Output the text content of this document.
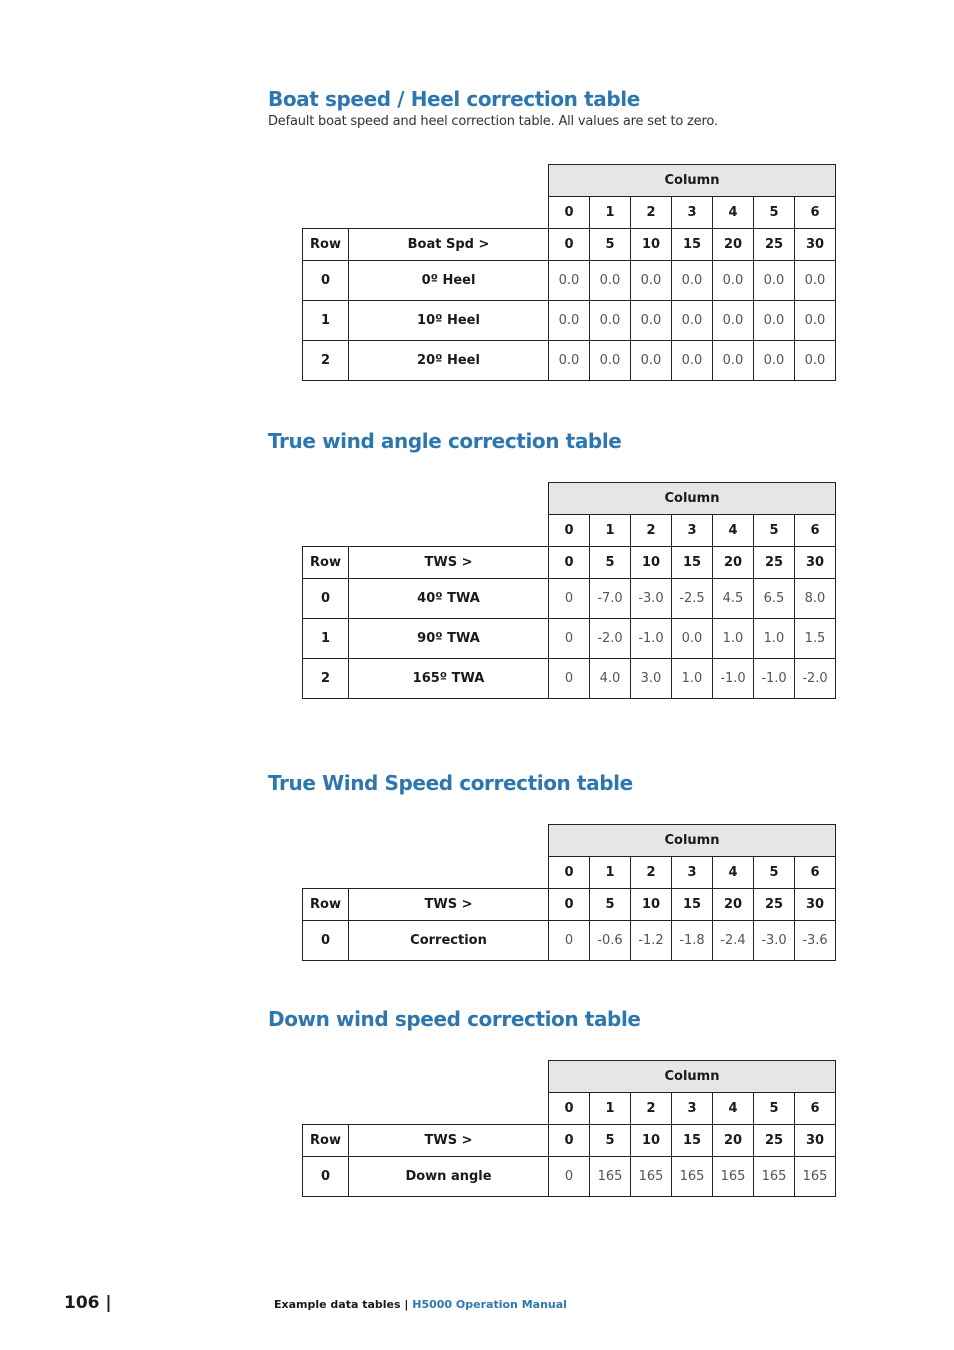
Boat speed / Heel correction table
Default boat speed and heel correction table. All values are set to zero.
		Column						
		0	1	2	3	4	5	6
Row	Boat Spd >	0	5	10	15	20	25	30
0	0º Heel	0.0	0.0	0.0	0.0	0.0	0.0	0.0
1	10º Heel	0.0	0.0	0.0	0.0	0.0	0.0	0.0
2	20º Heel	0.0	0.0	0.0	0.0	0.0	0.0	0.0
True wind angle correction table
		Column						
		0	1	2	3	4	5	6
Row	TWS >	0	5	10	15	20	25	30
0	40º TWA	0	-7.0	-3.0	-2.5	4.5	6.5	8.0
1	90º TWA	0	-2.0	-1.0	0.0	1.0	1.0	1.5
2	165º TWA	0	4.0	3.0	1.0	-1.0	-1.0	-2.0
True Wind Speed correction table
		Column						
		0	1	2	3	4	5	6
Row	TWS >	0	5	10	15	20	25	30
0	Correction	0	-0.6	-1.2	-1.8	-2.4	-3.0	-3.6
Down wind speed correction table
		Column						
		0	1	2	3	4	5	6
Row	TWS >	0	5	10	15	20	25	30
0	Down angle	0	165	165	165	165	165	165
106 |	Example data tables | H5000 Operation Manual
